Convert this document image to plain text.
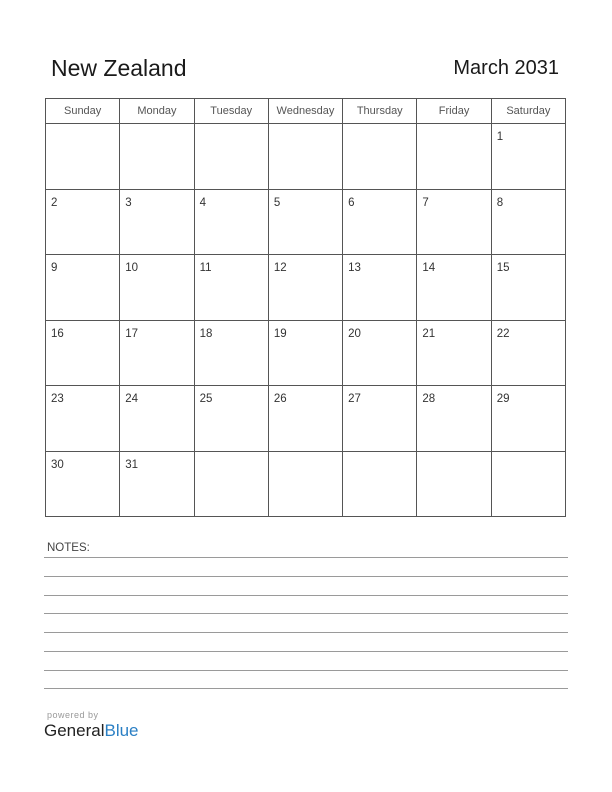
New Zealand	March 2031
Sunday	Monday	Tuesday	Wednesday	Thursday	Friday	Saturday

						1

2	3	4	5	6	7	8

9	10	11	12	13	14	15

16	17	18	19	20	21	22

23	24	25	26	27	28	29

30	31					

NOTES:
powered by
GeneralBlue
